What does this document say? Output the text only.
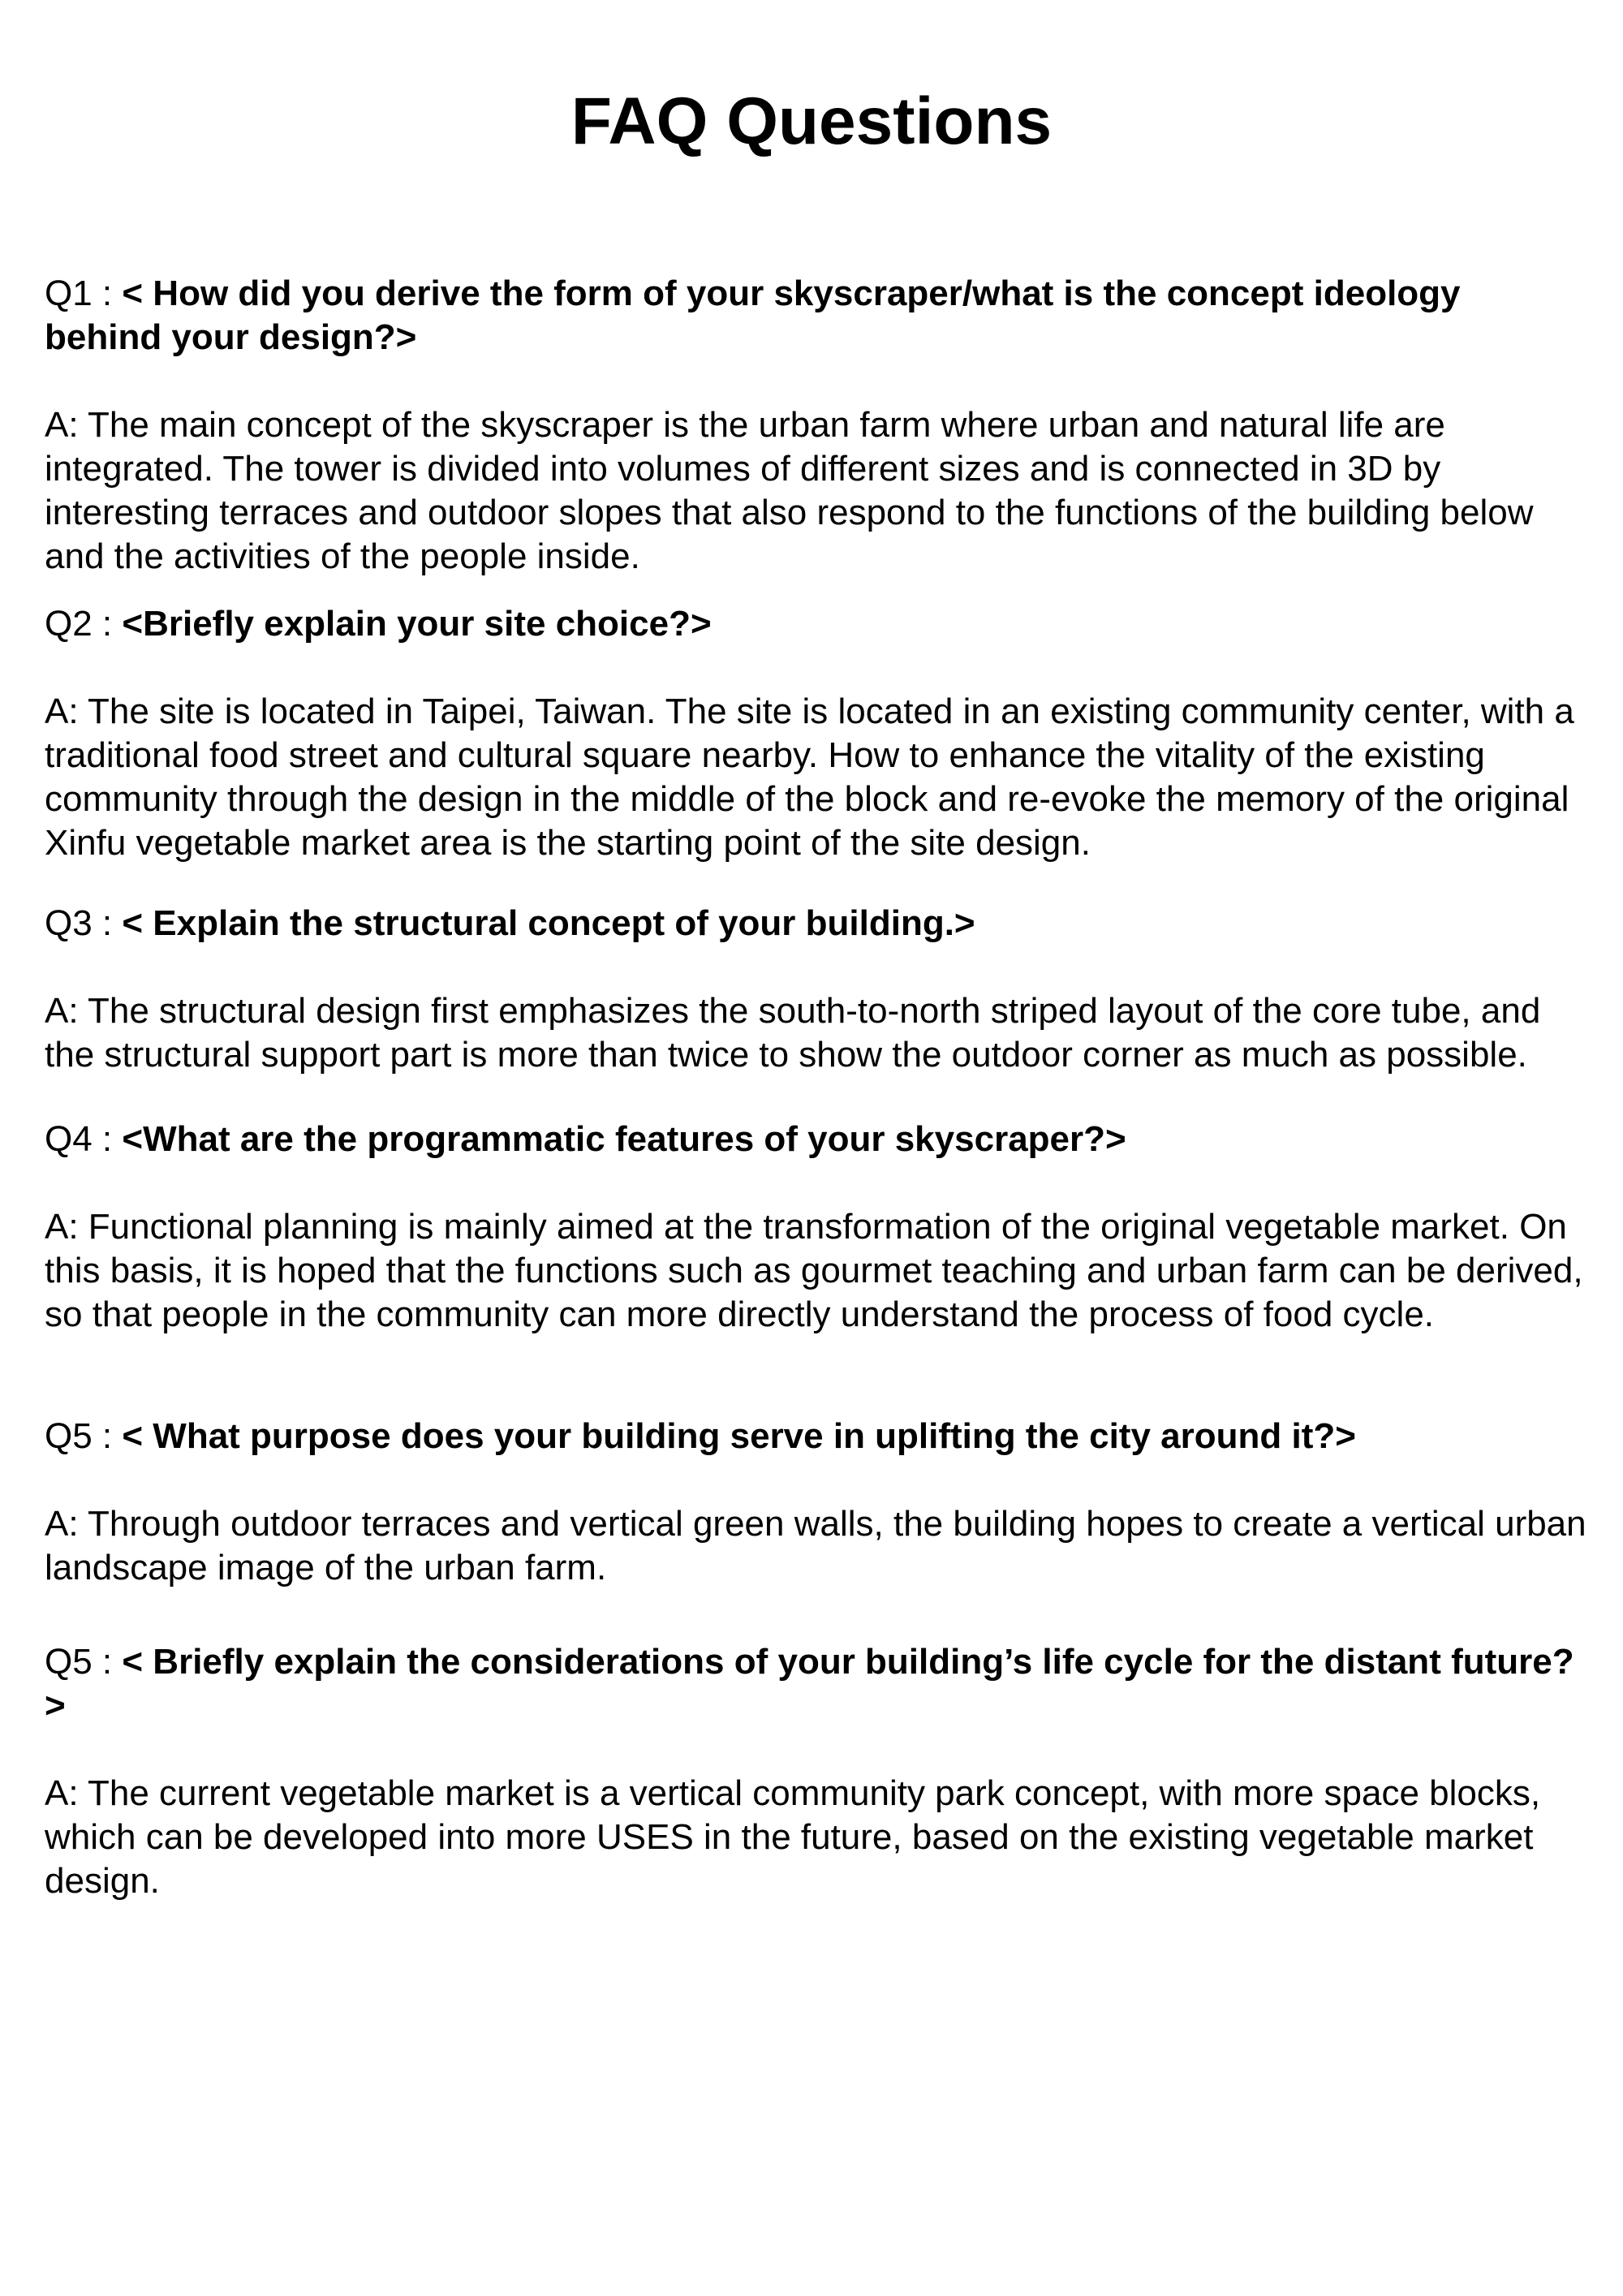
FAQ Questions

Q1 : < How did you derive the form of your skyscraper/what is the concept ideology behind your design?>

A: The main concept of the skyscraper is the urban farm where urban and natural life are integrated. The tower is divided into volumes of different sizes and is connected in 3D by interesting terraces and outdoor slopes that also respond to the functions of the building below and the activities of the people inside.

Q2 : <Briefly explain your site choice?>

A: The site is located in Taipei, Taiwan. The site is located in an existing community center, with a traditional food street and cultural square nearby. How to enhance the vitality of the existing community through the design in the middle of the block and re-evoke the memory of the original Xinfu vegetable market area is the starting point of the site design.

Q3 : < Explain the structural concept of your building.>

A: The structural design first emphasizes the south-to-north striped layout of the core tube, and the structural support part is more than twice to show the outdoor corner as much as possible.

Q4 : <What are the programmatic features of your skyscraper?>

A: Functional planning is mainly aimed at the transformation of the original vegetable market. On this basis, it is hoped that the functions such as gourmet teaching and urban farm can be derived, so that people in the community can more directly understand the process of food cycle.

Q5 : < What purpose does your building serve in uplifting the city around it?>

A: Through outdoor terraces and vertical green walls, the building hopes to create a vertical urban landscape image of the urban farm.

Q5 : < Briefly explain the considerations of your building’s life cycle for the distant future?>

A: The current vegetable market is a vertical community park concept, with more space blocks, which can be developed into more USES in the future, based on the existing vegetable market design.
